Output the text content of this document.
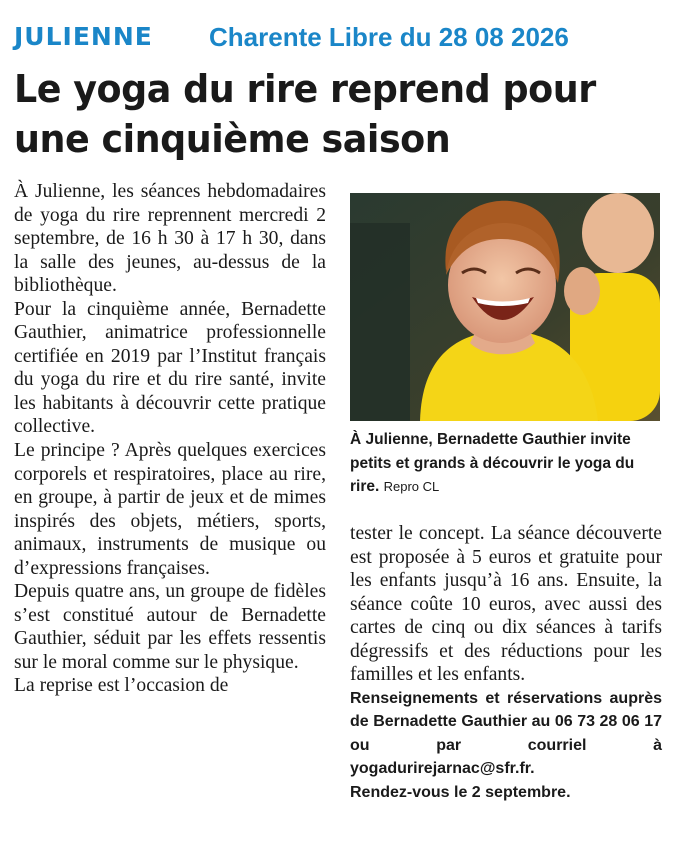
JULIENNE Charente Libre du 28 08 2026
Le yoga du rire reprend pour une cinquième saison

À Julienne, les séances hebdomadaires de yoga du rire reprennent mercredi 2 septembre, de 16 h 30 à 17 h 30, dans la salle des jeunes, au-dessus de la bibliothèque.

Pour la cinquième année, Bernadette Gauthier, animatrice professionnelle certifiée en 2019 par l’Institut français du yoga du rire et du rire santé, invite les habitants à découvrir cette pratique collective.

Le principe ? Après quelques exercices corporels et respiratoires, place au rire, en groupe, à partir de jeux et de mimes inspirés des objets, métiers, sports, animaux, instruments de musique ou d’expressions françaises.

Depuis quatre ans, un groupe de fidèles s’est constitué autour de Bernadette Gauthier, séduit par les effets ressentis sur le moral comme sur le physique.

La reprise est l’occasion de

À Julienne, Bernadette Gauthier invite petits et grands à découvrir le yoga du rire. Repro CL

tester le concept. La séance découverte est proposée à 5 euros et gratuite pour les enfants jusqu’à 16 ans. Ensuite, la séance coûte 10 euros, avec aussi des cartes de cinq ou dix séances à tarifs dégressifs et des réductions pour les familles et les enfants.

Renseignements et réservations auprès de Bernadette Gauthier au 06 73 28 06 17 ou par courriel à yogadurirejarnac@sfr.fr.

Rendez-vous le 2 septembre.
